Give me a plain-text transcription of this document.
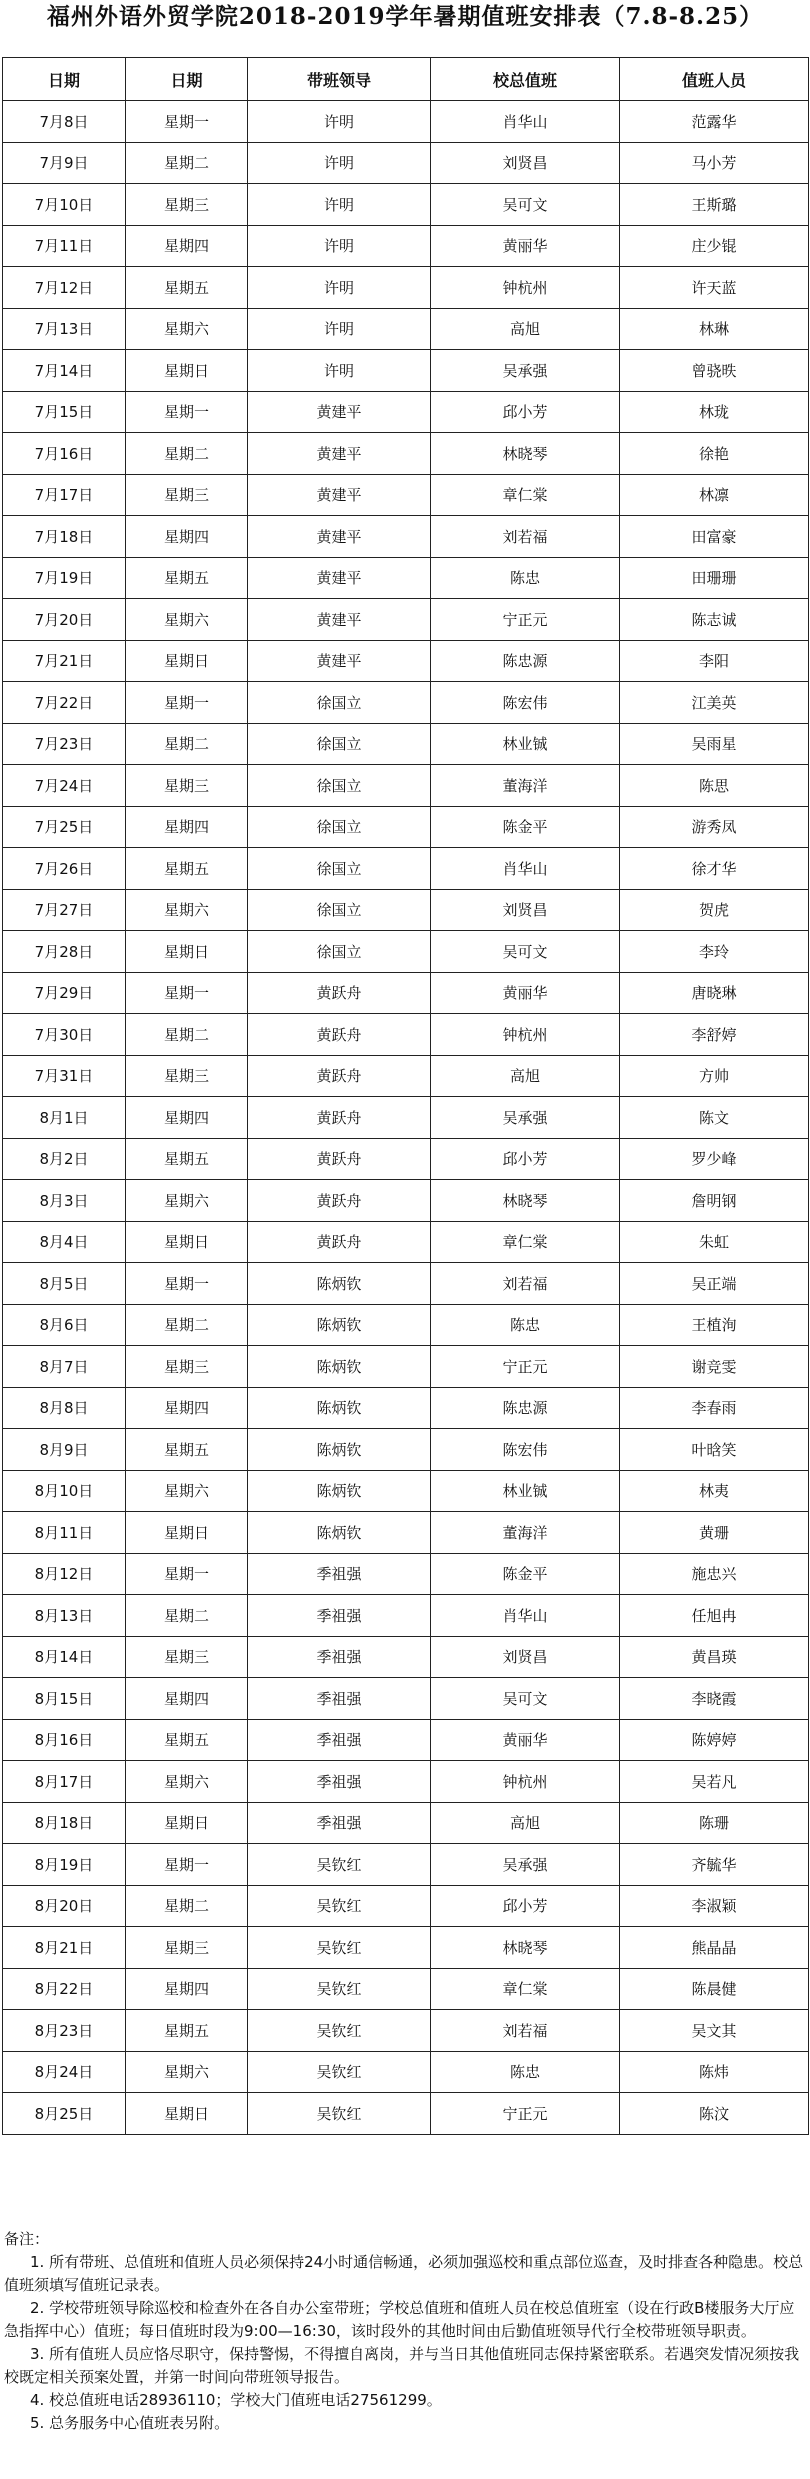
福州外语外贸学院2018-2019学年暑期值班安排表（7.8-8.25）
日期	日期	带班领导	校总值班	值班人员
7月8日	星期一	许明	肖华山	范露华
7月9日	星期二	许明	刘贤昌	马小芳
7月10日	星期三	许明	吴可文	王斯璐
7月11日	星期四	许明	黄丽华	庄少锟
7月12日	星期五	许明	钟杭州	许天蓝
7月13日	星期六	许明	高旭	林琳
7月14日	星期日	许明	吴承强	曾骁昳
7月15日	星期一	黄建平	邱小芳	林珑
7月16日	星期二	黄建平	林晓琴	徐艳
7月17日	星期三	黄建平	章仁棠	林凛
7月18日	星期四	黄建平	刘若福	田富豪
7月19日	星期五	黄建平	陈忠	田珊珊
7月20日	星期六	黄建平	宁正元	陈志诚
7月21日	星期日	黄建平	陈忠源	李阳
7月22日	星期一	徐国立	陈宏伟	江美英
7月23日	星期二	徐国立	林业铖	吴雨星
7月24日	星期三	徐国立	董海洋	陈思
7月25日	星期四	徐国立	陈金平	游秀凤
7月26日	星期五	徐国立	肖华山	徐才华
7月27日	星期六	徐国立	刘贤昌	贺虎
7月28日	星期日	徐国立	吴可文	李玲
7月29日	星期一	黄跃舟	黄丽华	唐晓琳
7月30日	星期二	黄跃舟	钟杭州	李舒婷
7月31日	星期三	黄跃舟	高旭	方帅
8月1日	星期四	黄跃舟	吴承强	陈文
8月2日	星期五	黄跃舟	邱小芳	罗少峰
8月3日	星期六	黄跃舟	林晓琴	詹明钢
8月4日	星期日	黄跃舟	章仁棠	朱虹
8月5日	星期一	陈炳钦	刘若福	吴正端
8月6日	星期二	陈炳钦	陈忠	王植洵
8月7日	星期三	陈炳钦	宁正元	谢竞雯
8月8日	星期四	陈炳钦	陈忠源	李春雨
8月9日	星期五	陈炳钦	陈宏伟	叶晗笑
8月10日	星期六	陈炳钦	林业铖	林夷
8月11日	星期日	陈炳钦	董海洋	黄珊
8月12日	星期一	季祖强	陈金平	施忠兴
8月13日	星期二	季祖强	肖华山	任旭冉
8月14日	星期三	季祖强	刘贤昌	黄昌瑛
8月15日	星期四	季祖强	吴可文	李晓霞
8月16日	星期五	季祖强	黄丽华	陈婷婷
8月17日	星期六	季祖强	钟杭州	吴若凡
8月18日	星期日	季祖强	高旭	陈珊
8月19日	星期一	吴钦红	吴承强	齐毓华
8月20日	星期二	吴钦红	邱小芳	李淑颖
8月21日	星期三	吴钦红	林晓琴	熊晶晶
8月22日	星期四	吴钦红	章仁棠	陈晨健
8月23日	星期五	吴钦红	刘若福	吴文其
8月24日	星期六	吴钦红	陈忠	陈炜
8月25日	星期日	吴钦红	宁正元	陈汶

备注：

1. 所有带班、总值班和值班人员必须保持24小时通信畅通，必须加强巡校和重点部位巡查，及时排查各种隐患。校总值班须填写值班记录表。

2. 学校带班领导除巡校和检查外在各自办公室带班；学校总值班和值班人员在校总值班室（设在行政B楼服务大厅应急指挥中心）值班；每日值班时段为9:00—16:30，该时段外的其他时间由后勤值班领导代行全校带班领导职责。

3. 所有值班人员应恪尽职守，保持警惕，不得擅自离岗，并与当日其他值班同志保持紧密联系。若遇突发情况须按我校既定相关预案处置，并第一时间向带班领导报告。

4. 校总值班电话28936110；学校大门值班电话27561299。

5. 总务服务中心值班表另附。
